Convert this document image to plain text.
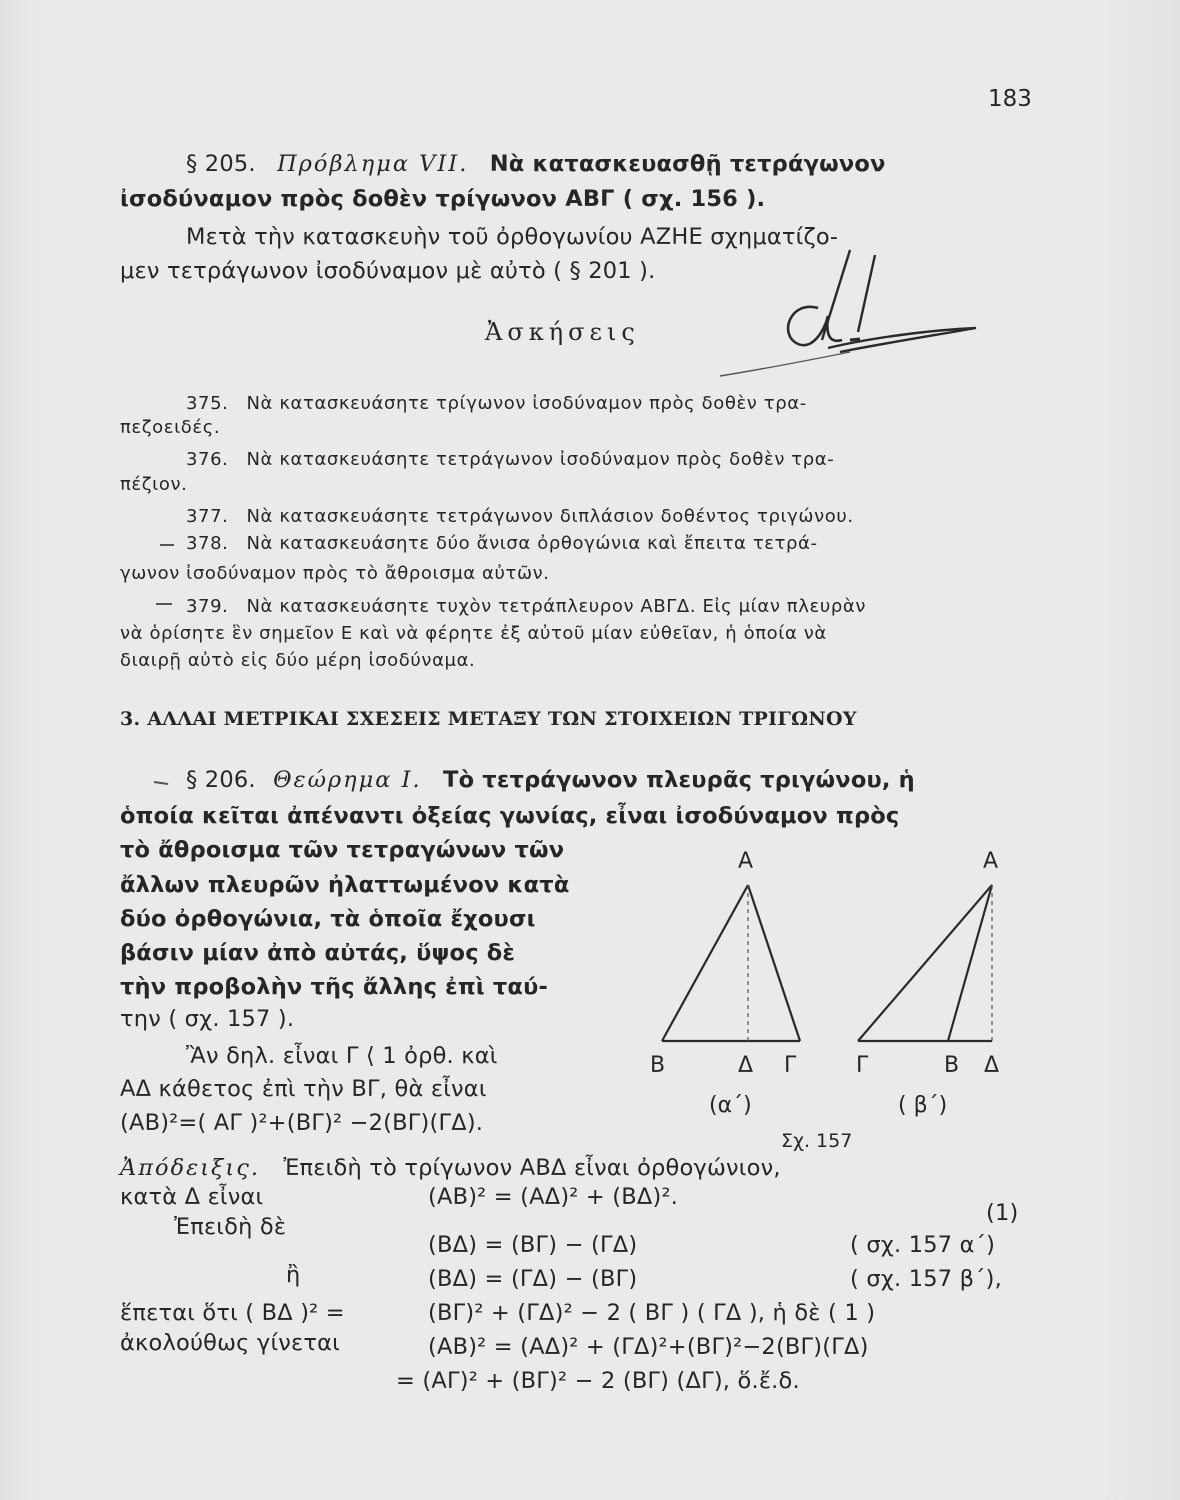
183
§ 205. Πρόβλημα VII. Νὰ κατασκευασθῇ τετράγωνον
ἰσοδύναμον πρὸς δοθὲν τρίγωνον ΑΒΓ ( σχ. 156 ).
Μετὰ τὴν κατασκευὴν τοῦ ὀρθογωνίου ΑΖΗΕ σχηματίζο-
μεν τετράγωνον ἰσοδύναμον μὲ αὐτὸ ( § 201 ).
Ἀσκήσεις
375. Νὰ κατασκευάσητε τρίγωνον ἰσοδύναμον πρὸς δοθὲν τρα-
πεζοειδές.
376. Νὰ κατασκευάσητε τετράγωνον ἰσοδύναμον πρὸς δοθὲν τρα-
πέζιον.
377. Νὰ κατασκευάσητε τετράγωνον διπλάσιον δοθέντος τριγώνου.
378. Νὰ κατασκευάσητε δύο ἄνισα ὀρθογώνια καὶ ἔπειτα τετρά-
γωνον ἰσοδύναμον πρὸς τὸ ἄθροισμα αὐτῶν.
379. Νὰ κατασκευάσητε τυχὸν τετράπλευρον ΑΒΓΔ. Εἰς μίαν πλευρὰν
νὰ ὁρίσητε ἓν σημεῖον Ε καὶ νὰ φέρητε ἐξ αὐτοῦ μίαν εὐθεῖαν, ἡ ὁποία νὰ
διαιρῇ αὐτὸ εἰς δύο μέρη ἰσοδύναμα.
3. ΑΛΛΑΙ ΜΕΤΡΙΚΑΙ ΣΧΕΣΕΙΣ ΜΕΤΑΞΥ ΤΩΝ ΣΤΟΙΧΕΙΩΝ ΤΡΙΓΩΝΟΥ
§ 206. Θεώρημα Ι. Τὸ τετράγωνον πλευρᾶς τριγώνου, ἡ
ὁποία κεῖται ἀπέναντι ὀξείας γωνίας, εἶναι ἰσοδύναμον πρὸς
τὸ ἄθροισμα τῶν τετραγώνων τῶν
ἄλλων πλευρῶν ἠλαττωμένον κατὰ
δύο ὀρθογώνια, τὰ ὁποῖα ἔχουσι
βάσιν μίαν ἀπὸ αὐτάς, ὕψος δὲ
τὴν προβολὴν τῆς ἄλλης ἐπὶ ταύ-
την ( σχ. 157 ).
Ἂν δηλ. εἶναι Γ ⟨ 1 ὀρθ. καὶ
ΑΔ κάθετος ἐπὶ τὴν ΒΓ, θὰ εἶναι
(ΑΒ)²=( ΑΓ )²+(ΒΓ)² −2(ΒΓ)(ΓΔ).
Α
Β	Δ Γ
(α΄)
Α
Γ	Β Δ
( β΄)
Σχ. 157
Ἀπόδειξις. Ἐπειδὴ τὸ τρίγωνον ΑΒΔ εἶναι ὀρθογώνιον,
κατὰ Δ εἶναι	(ΑΒ)² = (ΑΔ)² + (ΒΔ)².
Ἐπειδὴ δὲ
(1)
(ΒΔ) = (ΒΓ) − (ΓΔ)	( σχ. 157 α΄)
ἢ	(ΒΔ) = (ΓΔ) − (ΒΓ)	( σχ. 157 β΄),
ἕπεται ὅτι ( ΒΔ )² =	(ΒΓ)² + (ΓΔ)² − 2 ( ΒΓ ) ( ΓΔ ), ἡ δὲ ( 1 )
ἀκολούθως γίνεται	(ΑΒ)² = (ΑΔ)² + (ΓΔ)²+(ΒΓ)²−2(ΒΓ)(ΓΔ)
= (ΑΓ)² + (ΒΓ)² − 2 (ΒΓ) (ΔΓ), ὅ.ἔ.δ.
